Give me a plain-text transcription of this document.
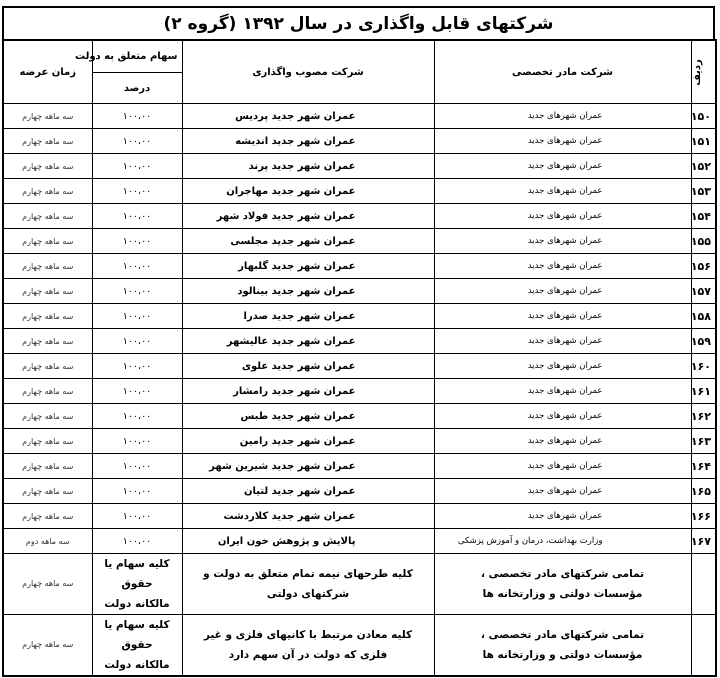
شرکتهای قابل واگذاری در سال ۱۳۹۲ (گروه ۲)
ردیف	شرکت مادر تخصصی	شرکت مصوب واگذاری	سهام متعلق به دولت	زمان عرضه
			درصد	
۱۵۰	عمران شهرهای جدید	عمران شهر جدید پردیس	۱۰۰،۰۰	سه ماهه چهارم
۱۵۱	عمران شهرهای جدید	عمران شهر جدید اندیشه	۱۰۰،۰۰	سه ماهه چهارم
۱۵۲	عمران شهرهای جدید	عمران شهر جدید پرند	۱۰۰،۰۰	سه ماهه چهارم
۱۵۳	عمران شهرهای جدید	عمران شهر جدید مهاجران	۱۰۰،۰۰	سه ماهه چهارم
۱۵۴	عمران شهرهای جدید	عمران شهر جدید فولاد شهر	۱۰۰،۰۰	سه ماهه چهارم
۱۵۵	عمران شهرهای جدید	عمران شهر جدید مجلسی	۱۰۰،۰۰	سه ماهه چهارم
۱۵۶	عمران شهرهای جدید	عمران شهر جدید گلبهار	۱۰۰،۰۰	سه ماهه چهارم
۱۵۷	عمران شهرهای جدید	عمران شهر جدید بینالود	۱۰۰،۰۰	سه ماهه چهارم
۱۵۸	عمران شهرهای جدید	عمران شهر جدید صدرا	۱۰۰،۰۰	سه ماهه چهارم
۱۵۹	عمران شهرهای جدید	عمران شهر جدید عالیشهر	۱۰۰،۰۰	سه ماهه چهارم
۱۶۰	عمران شهرهای جدید	عمران شهر جدید علوی	۱۰۰،۰۰	سه ماهه چهارم
۱۶۱	عمران شهرهای جدید	عمران شهر جدید رامشار	۱۰۰،۰۰	سه ماهه چهارم
۱۶۲	عمران شهرهای جدید	عمران شهر جدید طبس	۱۰۰،۰۰	سه ماهه چهارم
۱۶۳	عمران شهرهای جدید	عمران شهر جدید رامین	۱۰۰،۰۰	سه ماهه چهارم
۱۶۴	عمران شهرهای جدید	عمران شهر جدید شیرین شهر	۱۰۰،۰۰	سه ماهه چهارم
۱۶۵	عمران شهرهای جدید	عمران شهر جدید لتیان	۱۰۰،۰۰	سه ماهه چهارم
۱۶۶	عمران شهرهای جدید	عمران شهر جدید کلاردشت	۱۰۰،۰۰	سه ماهه چهارم
۱۶۷	وزارت بهداشت، درمان و آموزش پزشکی	پالایش و پژوهش خون ایران	۱۰۰،۰۰	سه ماهه دوم
	تمامی شرکتهای مادر تخصصی ، مؤسسات دولتی و وزارتخانه ها	کلیه طرحهای نیمه تمام متعلق به دولت و شرکتهای دولتی	کلیه سهام یا حقوق مالکانه دولت	سه ماهه چهارم
	تمامی شرکتهای مادر تخصصی ، مؤسسات دولتی و وزارتخانه ها	کلیه معادن مرتبط با کانیهای فلزی و غیر فلزی که دولت در آن سهم دارد	کلیه سهام یا حقوق مالکانه دولت	سه ماهه چهارم
